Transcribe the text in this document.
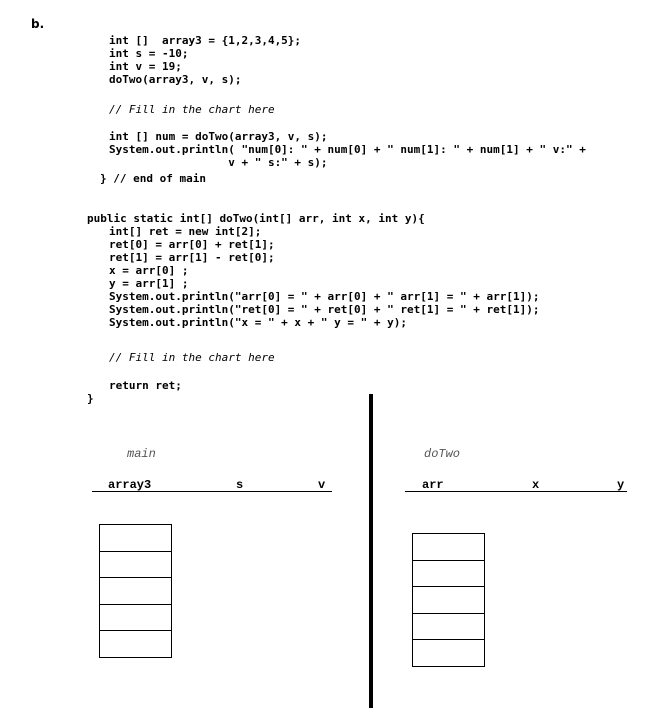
b.
int []  array3 = {1,2,3,4,5};
int s = -10;
int v = 19;
doTwo(array3, v, s);
// Fill in the chart here
int [] num = doTwo(array3, v, s);
System.out.println( "num[0]: " + num[0] + " num[1]: " + num[1] + " v:" +
v + " s:" + s);
} // end of main
public static int[] doTwo(int[] arr, int x, int y){
int[] ret = new int[2];
ret[0] = arr[0] + ret[1];
ret[1] = arr[1] - ret[0];
x = arr[0] ;
y = arr[1] ;
System.out.println("arr[0] = " + arr[0] + " arr[1] = " + arr[1]);
System.out.println("ret[0] = " + ret[0] + " ret[1] = " + ret[1]);
System.out.println("x = " + x + " y = " + y);
// Fill in the chart here
return ret;
}
main
array3	s	v
doTwo
arr	x	y
